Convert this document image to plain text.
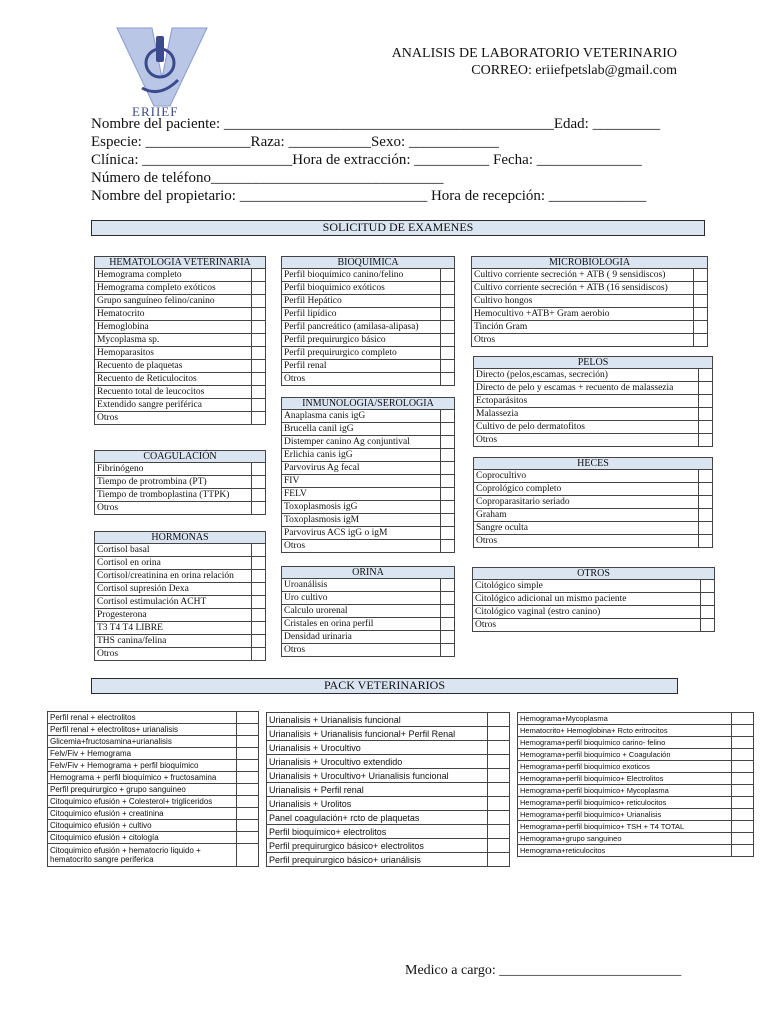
ERIIEF
ANALISIS DE LABORATORIO VETERINARIO
CORREO: eriiefpetslab@gmail.com
Nombre del paciente: ____________________________________________Edad: _________
Especie: ______________Raza: ___________Sexo: ____________
Clínica: ____________________Hora de extracción: __________ Fecha: ______________
Número de teléfono_______________________________
Nombre del propietario: _________________________ Hora de recepción: _____________
SOLICITUD DE EXAMENES
HEMATOLOGIA VETERINARIA	
Hemograma completo	
Hemograma completo exóticos	
Grupo sanguíneo felino/canino	
Hematocrito	
Hemoglobina	
Mycoplasma sp.	
Hemoparasitos	
Recuento de plaquetas	
Recuento de Reticulocitos	
Recuento total de leucocitos	
Extendido sangre periférica	
Otros	
COAGULACIÓN	
Fibrinógeno	
Tiempo de protrombina (PT)	
Tiempo de tromboplastina (TTPK)	
Otros	
HORMONAS	
Cortisol basal	
Cortisol en orina	
Cortisol/creatinina en orina relación	
Cortisol supresión Dexa	
Cortisol estimulación ACHT	
Progesterona	
T3 T4 T4 LIBRE	
THS canina/felina	
Otros	
BIOQUIMICA	
Perfil bioquímico canino/felino	
Perfil bioquímico exóticos	
Perfil Hepático	
Perfil lipídico	
Perfil pancreático (amilasa-alipasa)	
Perfil prequirurgico básico	
Perfil prequirurgico completo	
Perfil renal	
Otros	
INMUNOLOGIA/SEROLOGIA	
Anaplasma canis igG	
Brucella canil igG	
Distemper canino Ag conjuntival	
Erlichia canis igG	
Parvovirus Ag fecal	
FIV	
FELV	
Toxoplasmosis igG	
Toxoplasmosis igM	
Parvovirus ACS igG o igM	
Otros	
ORINA	
Uroanálisis	
Uro cultivo	
Calculo urorenal	
Cristales en orina perfil	
Densidad urinaria	
Otros	
MICROBIOLOGIA	
Cultivo corriente secreción + ATB ( 9 sensidiscos)	
Cultivo corriente secreción + ATB (16 sensidiscos)	
Cultivo hongos	
Hemocultivo +ATB+ Gram aerobio	
Tinción Gram	
Otros	
PELOS	
Directo (pelos,escamas, secreción)	
Directo de pelo y escamas + recuento de malassezia	
Ectoparásitos	
Malassezia	
Cultivo de pelo dermatofitos	
Otros	
HECES	
Coprocultivo	
Coprológico completo	
Coproparasitario seriado	
Graham	
Sangre oculta	
Otros	
OTROS	
Citológico simple	
Citológico adicional un mismo paciente	
Citológico vaginal (estro canino)	
Otros	
PACK VETERINARIOS
Perfil renal + electrolitos	
Perfil renal + electrolitos+ urianalisis	
Glicemia+fructosamina+urianalisis	
Felv/Fiv + Hemograma	
Felv/Fiv + Hemograma + perfil bioquímico	
Hemograma + perfil bioquímico + fructosamina	
Perfil prequirurgico + grupo sanguineo	
Citoquimico efusión + Colesterol+ trigliceridos	
Citoquimico efusión + creatinina	
Citoquimico efusión + cultivo	
Citoquimico efusión + citología	
Citoquimico efusión + hematocrio liquido + hematocrito sangre periferica	
Urianalisis + Urianalisis funcional	
Urianalisis + Urianalisis funcional+ Perfil Renal	
Urianalisis + Urocultivo	
Urianalisis + Urocultivo extendido	
Urianalisis + Urocultivo+ Urianalisis funcional	
Urianalisis + Perfil renal	
Urianalisis + Urolitos	
Panel coagulación+ rcto de plaquetas	
Perfil bioquímico+ electrolitos	
Perfil prequirurgico básico+ electrolitos	
Perfil prequirurgico básico+ urianálisis	
Hemograma+Mycoplasma	
Hematocrito+ Hemoglobina+ Rcto eritrocitos	
Hemograma+perfil bioquímico carino- felino	
Hemograma+perfil bioquímico + Coagulación	
Hemograma+perfil bioquímico exoticos	
Hemograma+perfil bioquímico+ Electrolitos	
Hemograma+perfil bioquímico+ Mycoplasma	
Hemograma+perfil bioquímico+ reticulocitos	
Hemograma+perfil bioquímico+ Urianalisis	
Hemograma+perfil bioquímico+ TSH + T4 TOTAL	
Hemograma+grupo sanguineo	
Hemograma+reticulocitos	
Medico a cargo: __________________________
